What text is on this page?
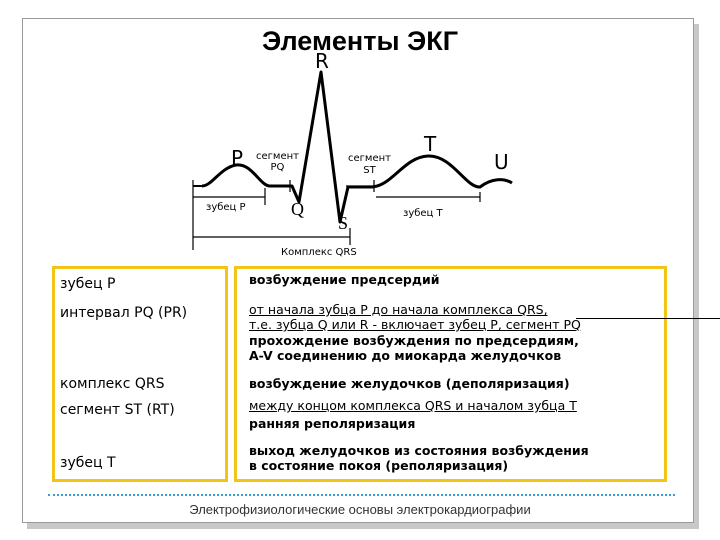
Элементы ЭКГ
R
P
T
U
Q
S
сегмент
PQ
сегмент
ST
зубец P
зубец T
Комплекс QRS
зубец P
интервал PQ (PR)
комплекс QRS
сегмент ST (RT)
зубец T
возбуждение предсердий
от начала зубца P до начала комплекса QRS,
т.е. зубца Q или R - включает зубец P, сегмент PQ
прохождение возбуждения по предсердиям,
A-V соединению до миокарда желудочков
возбуждение желудочков (деполяризация)
между концом комплекса QRS и началом зубца T
ранняя реполяризация
выход желудочков из состояния возбуждения
в состояние покоя (реполяризация)
Электрофизиологические основы электрокардиографии
